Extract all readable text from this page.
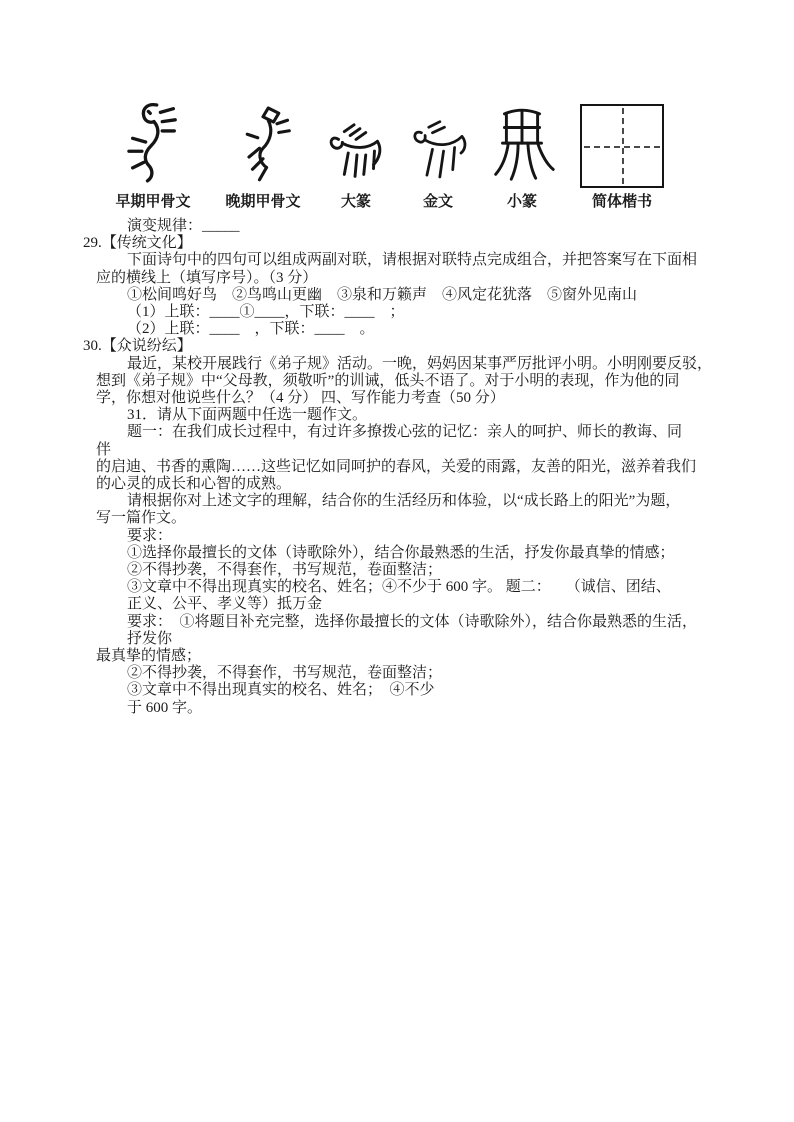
早期甲骨文 晚期甲骨文	大篆	金文	小篆	简体楷书
演变规律：_____
29.【传统文化】
下面诗句中的四句可以组成两副对联，请根据对联特点完成组合，并把答案写在下面相
应的横线上（填写序号）。（3 分）
①松间鸣好鸟　②鸟鸣山更幽　③泉和万籁声　④风定花犹落　⑤窗外见南山
（1）上联：____①____，下联：____　；
（2）上联：____　，下联：____　。
30.【众说纷纭】
最近，某校开展践行《弟子规》活动。一晚，妈妈因某事严厉批评小明。小明刚要反驳，
想到《弟子规》中“父母教，须敬听”的训诫，低头不语了。对于小明的表现，作为他的同
学，你想对他说些什么？（4 分） 四、写作能力考查（50 分）
31．请从下面两题中任选一题作文。
题一：在我们成长过程中，有过许多撩拨心弦的记忆：亲人的呵护、师长的教诲、同
伴
的启迪、书香的熏陶……这些记忆如同呵护的春风，关爱的雨露，友善的阳光，滋养着我们
的心灵的成长和心智的成熟。
请根据你对上述文字的理解，结合你的生活经历和体验，以“成长路上的阳光”为题，
写一篇作文。
要求：
①选择你最擅长的文体（诗歌除外），结合你最熟悉的生活，抒发你最真挚的情感；
②不得抄袭，不得套作，书写规范，卷面整洁；
③文章中不得出现真实的校名、姓名；④不少于 600 字。 题二：　　（诚信、团结、
正义、公平、孝义等）抵万金
要求：　①将题目补充完整，选择你最擅长的文体（诗歌除外），结合你最熟悉的生活，
抒发你
最真挚的情感；
②不得抄袭，不得套作，书写规范，卷面整洁；
③文章中不得出现真实的校名、姓名；　④不少
于 600 字。
